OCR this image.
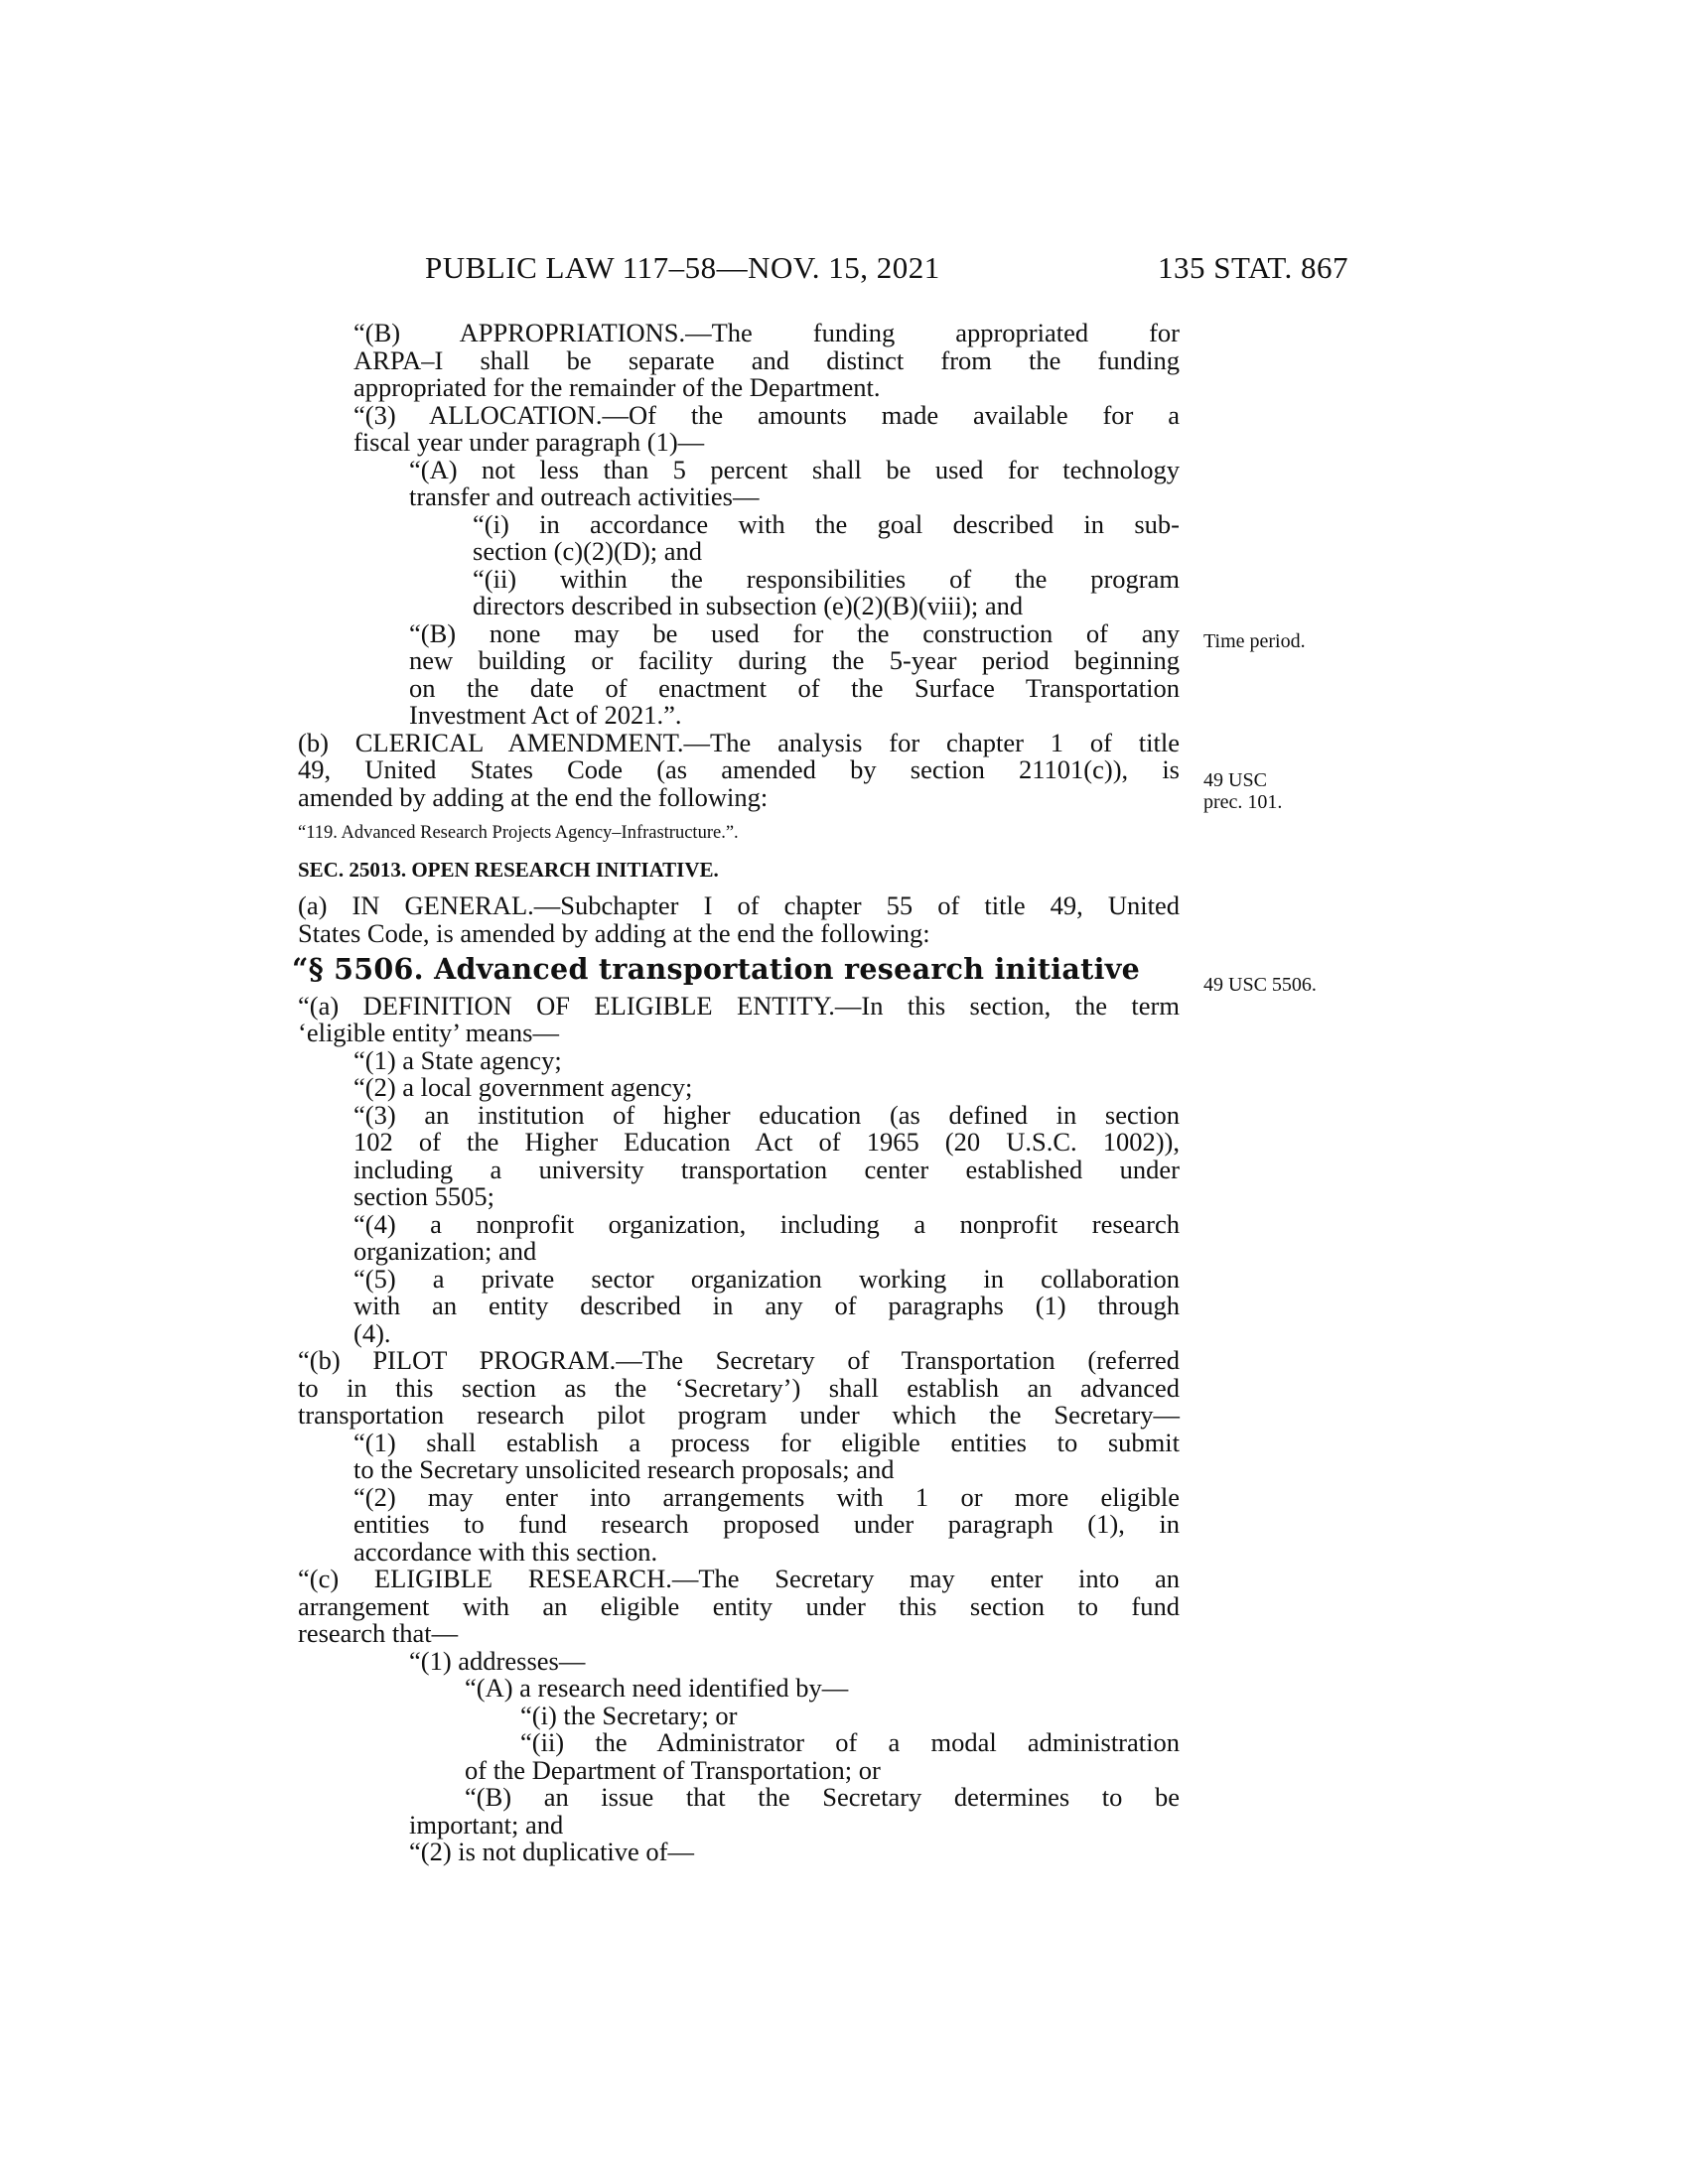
PUBLIC LAW 117–58—NOV. 15, 2021	135 STAT. 867
“(B) APPROPRIATIONS.—The funding appropriated for
ARPA–I shall be separate and distinct from the funding
appropriated for the remainder of the Department.
“(3) ALLOCATION.—Of the amounts made available for a
fiscal year under paragraph (1)—
“(A) not less than 5 percent shall be used for technology
transfer and outreach activities—
“(i) in accordance with the goal described in sub-
section (c)(2)(D); and
“(ii) within the responsibilities of the program
directors described in subsection (e)(2)(B)(viii); and
“(B) none may be used for the construction of any
new building or facility during the 5-year period beginning
on the date of enactment of the Surface Transportation
Investment Act of 2021.”.
(b) CLERICAL AMENDMENT.—The analysis for chapter 1 of title
49, United States Code (as amended by section 21101(c)), is
amended by adding at the end the following:
“119. Advanced Research Projects Agency–Infrastructure.”.
SEC. 25013. OPEN RESEARCH INITIATIVE.
(a) IN GENERAL.—Subchapter I of chapter 55 of title 49, United
States Code, is amended by adding at the end the following:
“§ 5506. Advanced transportation research initiative
“(a) DEFINITION OF ELIGIBLE ENTITY.—In this section, the term
‘eligible entity’ means—
“(1) a State agency;
“(2) a local government agency;
“(3) an institution of higher education (as defined in section
102 of the Higher Education Act of 1965 (20 U.S.C. 1002)),
including a university transportation center established under
section 5505;
“(4) a nonprofit organization, including a nonprofit research
organization; and
“(5) a private sector organization working in collaboration
with an entity described in any of paragraphs (1) through
(4).
“(b) PILOT PROGRAM.—The Secretary of Transportation (referred
to in this section as the ‘Secretary’) shall establish an advanced
transportation research pilot program under which the Secretary—
“(1) shall establish a process for eligible entities to submit
to the Secretary unsolicited research proposals; and
“(2) may enter into arrangements with 1 or more eligible
entities to fund research proposed under paragraph (1), in
accordance with this section.
“(c) ELIGIBLE RESEARCH.—The Secretary may enter into an
arrangement with an eligible entity under this section to fund
research that—
“(1) addresses—
“(A) a research need identified by—
“(i) the Secretary; or
“(ii) the Administrator of a modal administration
of the Department of Transportation; or
“(B) an issue that the Secretary determines to be
important; and
“(2) is not duplicative of—
Time period.
49 USC
prec. 101.
49 USC 5506.
